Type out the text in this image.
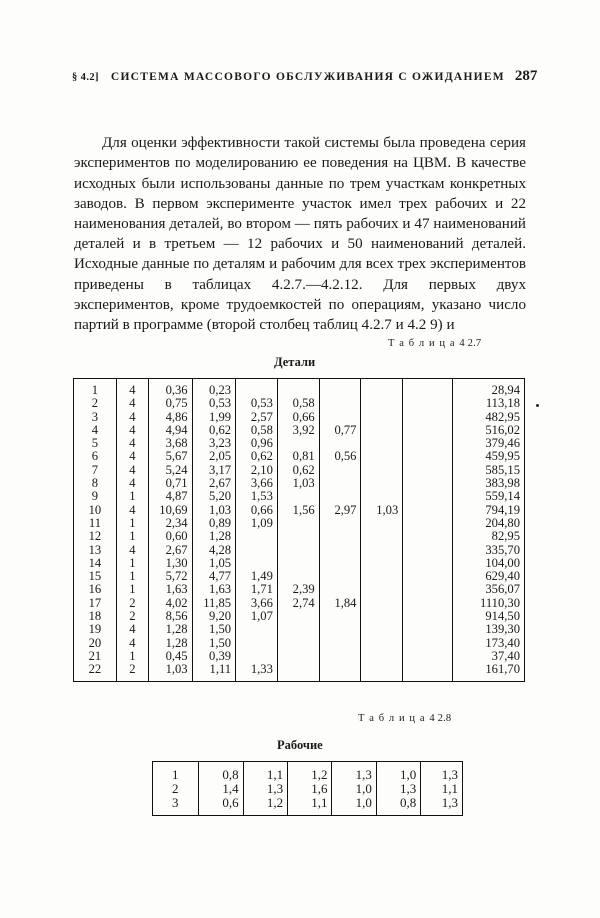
§ 4.2] СИСТЕМА МАССОВОГО ОБСЛУЖИВАНИЯ С ОЖИДАНИЕМ 287

Для оценки эффективности такой системы была проведена серия экспериментов по моделированию ее поведения на ЦВМ. В качестве исходных были использованы данные по трем участкам конкретных заводов. В первом эксперименте участок имел трех рабочих и 22 наименования деталей, во втором — пять рабочих и 47 наименований деталей и в третьем — 12 рабочих и 50 наименований деталей. Исходные данные по деталям и рабочим для всех трех экспериментов приведены в таблицах 4.2.7.—4.2.12. Для первых двух экспериментов, кроме трудоемкостей по операциям, указано число партий в программе (второй столбец таблиц 4.2.7 и 4.2 9) и

Т а б л и ц а 4 2.7
Детали
1	4	0,36	0,23						28,94
2	4	0,75	0,53	0,53	0,58				113,18
3	4	4,86	1,99	2,57	0,66				482,95
4	4	4,94	0,62	0,58	3,92	0,77			516,02
5	4	3,68	3,23	0,96					379,46
6	4	5,67	2,05	0,62	0,81	0,56			459,95
7	4	5,24	3,17	2,10	0,62				585,15
8	4	0,71	2,67	3,66	1,03				383,98
9	1	4,87	5,20	1,53					559,14
10	4	10,69	1,03	0,66	1,56	2,97	1,03		794,19
11	1	2,34	0,89	1,09					204,80
12	1	0,60	1,28						82,95
13	4	2,67	4,28						335,70
14	1	1,30	1,05						104,00
15	1	5,72	4,77	1,49					629,40
16	1	1,63	1,63	1,71	2,39				356,07
17	2	4,02	11,85	3,66	2,74	1,84			1110,30
18	2	8,56	9,20	1,07					914,50
19	4	1,28	1,50						139,30
20	4	1,28	1,50						173,40
21	1	0,45	0,39						37,40
22	2	1,03	1,11	1,33					161,70
Т а б л и ц а 4 2.8
Рабочие
1	0,8	1,1	1,2	1,3	1,0	1,3
2	1,4	1,3	1,6	1,0	1,3	1,1
3	0,6	1,2	1,1	1,0	0,8	1,3
